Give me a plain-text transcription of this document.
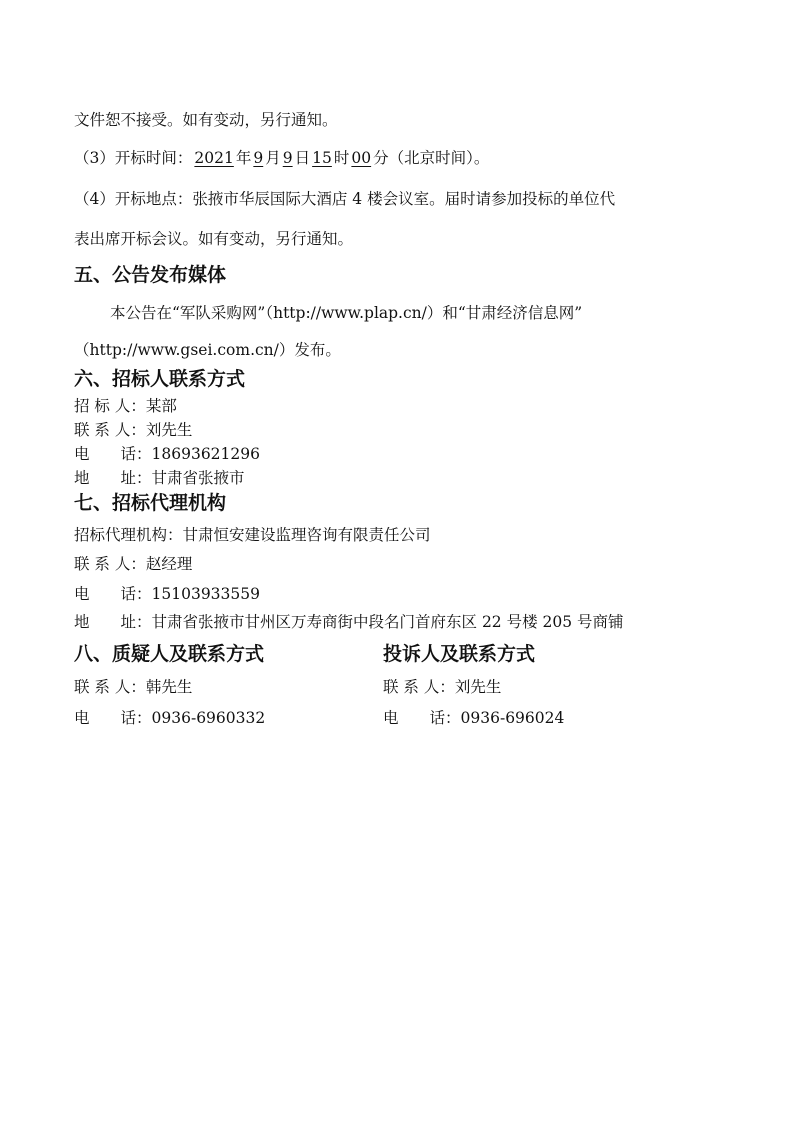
文件恕不接受。如有变动，另行通知。
（3）开标时间： 2021 年 9 月 9 日 15 时 00 分（北京时间）。
（4）开标地点：张掖市华辰国际大酒店 4 楼会议室。届时请参加投标的单位代
表出席开标会议。如有变动，另行通知。
五、公告发布媒体
本公告在“军队采购网”（http://www.plap.cn/）和“甘肃经济信息网”
（http://www.gsei.com.cn/）发布。
六、招标人联系方式
招 标 人：某部
联 系 人：刘先生
电　　话：18693621296
地　　址：甘肃省张掖市
七、招标代理机构
招标代理机构：甘肃恒安建设监理咨询有限责任公司
联 系 人：赵经理
电　　话：15103933559
地　　址：甘肃省张掖市甘州区万寿商街中段名门首府东区 22 号楼 205 号商铺
八、质疑人及联系方式	投诉人及联系方式
联 系 人：韩先生	联 系 人：刘先生
电　　话：0936-6960332	电　　话：0936-696024
